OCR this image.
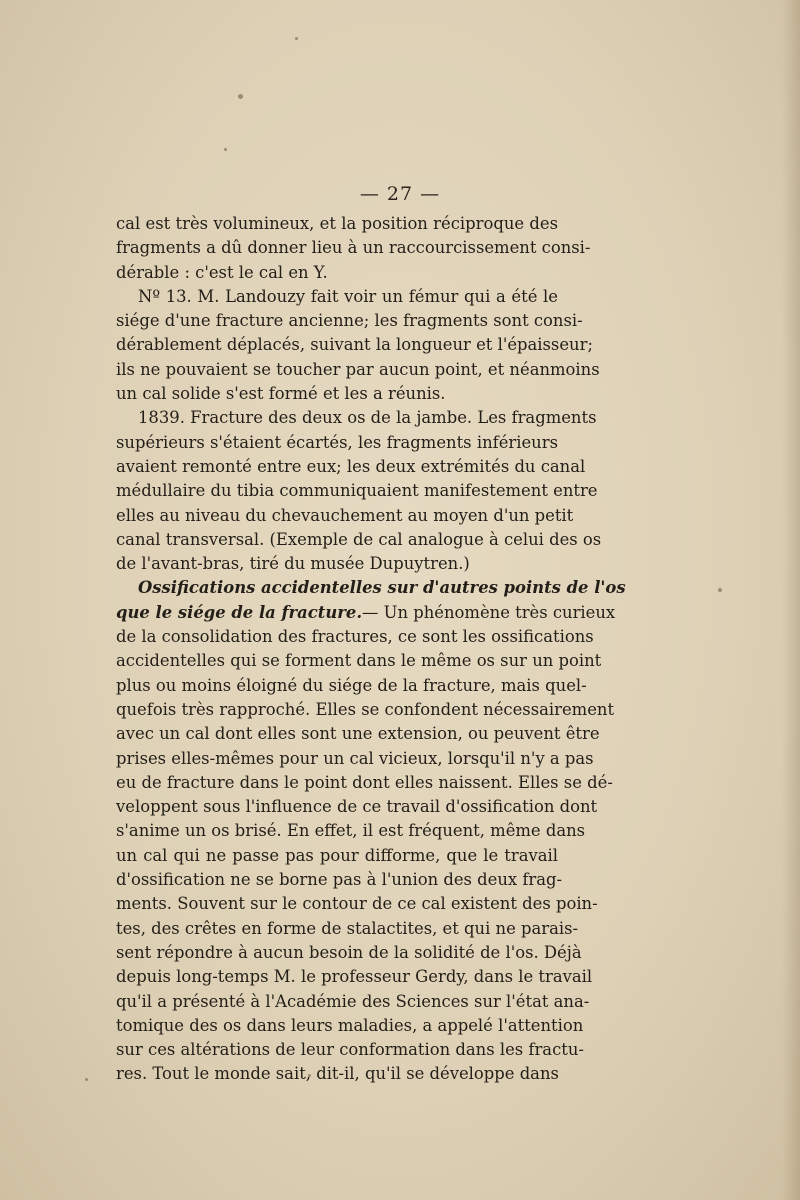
— 27 —
cal est très volumineux, et la position réciproque des
fragments a dû donner lieu à un raccourcissement consi-
dérable : c'est le cal en Y.
Nº 13. M. Landouzy fait voir un fémur qui a été le
siége d'une fracture ancienne; les fragments sont consi-
dérablement déplacés, suivant la longueur et l'épaisseur;
ils ne pouvaient se toucher par aucun point, et néanmoins
un cal solide s'est formé et les a réunis.
1839. Fracture des deux os de la jambe. Les fragments
supérieurs s'étaient écartés, les fragments inférieurs
avaient remonté entre eux; les deux extrémités du canal
médullaire du tibia communiquaient manifestement entre
elles au niveau du chevauchement au moyen d'un petit
canal transversal. (Exemple de cal analogue à celui des os
de l'avant-bras, tiré du musée Dupuytren.)
Ossifications accidentelles sur d'autres points de l'os
que le siége de la fracture.— Un phénomène très curieux
de la consolidation des fractures, ce sont les ossifications
accidentelles qui se forment dans le même os sur un point
plus ou moins éloigné du siége de la fracture, mais quel-
quefois très rapproché. Elles se confondent nécessairement
avec un cal dont elles sont une extension, ou peuvent être
prises elles-mêmes pour un cal vicieux, lorsqu'il n'y a pas
eu de fracture dans le point dont elles naissent. Elles se dé-
veloppent sous l'influence de ce travail d'ossification dont
s'anime un os brisé. En effet, il est fréquent, même dans
un cal qui ne passe pas pour difforme, que le travail
d'ossification ne se borne pas à l'union des deux frag-
ments. Souvent sur le contour de ce cal existent des poin-
tes, des crêtes en forme de stalactites, et qui ne parais-
sent répondre à aucun besoin de la solidité de l'os. Déjà
depuis long-temps M. le professeur Gerdy, dans le travail
qu'il a présenté à l'Académie des Sciences sur l'état ana-
tomique des os dans leurs maladies, a appelé l'attention
sur ces altérations de leur conformation dans les fractu-
res. Tout le monde sait, dit-il, qu'il se développe dans
